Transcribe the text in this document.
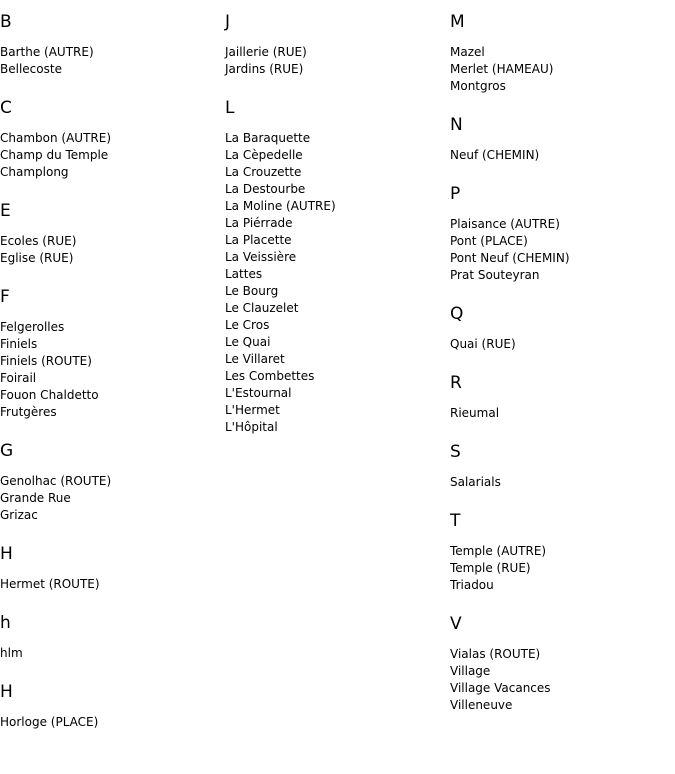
B
Barthe (AUTRE)
Bellecoste
C
Chambon (AUTRE)
Champ du Temple
Champlong
E
Ecoles (RUE)
Eglise (RUE)
F
Felgerolles
Finiels
Finiels (ROUTE)
Foirail
Fouon Chaldetto
Frutgères
G
Genolhac (ROUTE)
Grande Rue
Grizac
H
Hermet (ROUTE)
h
hlm
H
Horloge (PLACE)
J
Jaillerie (RUE)
Jardins (RUE)
L
La Baraquette
La Cèpedelle
La Crouzette
La Destourbe
La Moline (AUTRE)
La Piérrade
La Placette
La Veissière
Lattes
Le Bourg
Le Clauzelet
Le Cros
Le Quai
Le Villaret
Les Combettes
L'Estournal
L'Hermet
L'Hôpital
M
Mazel
Merlet (HAMEAU)
Montgros
N
Neuf (CHEMIN)
P
Plaisance (AUTRE)
Pont (PLACE)
Pont Neuf (CHEMIN)
Prat Souteyran
Q
Quai (RUE)
R
Rieumal
S
Salarials
T
Temple (AUTRE)
Temple (RUE)
Triadou
V
Vialas (ROUTE)
Village
Village Vacances
Villeneuve
